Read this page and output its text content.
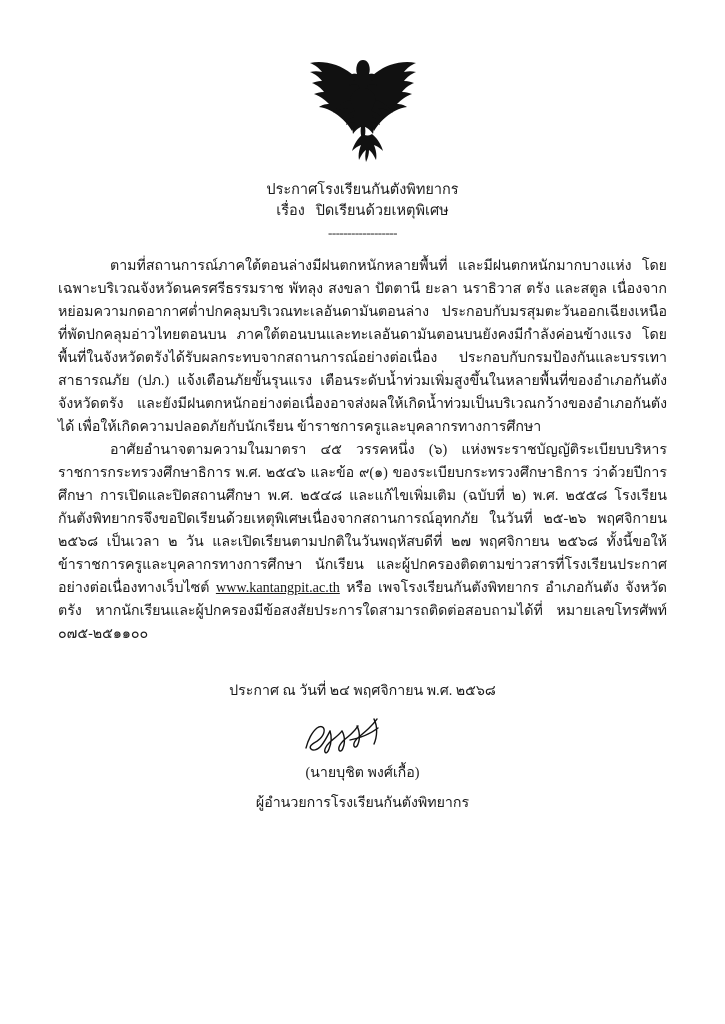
ประกาศโรงเรียนกันตังพิทยากร
เรื่อง ปิดเรียนด้วยเหตุพิเศษ
------------------

ตามที่สถานการณ์ภาคใต้ตอนล่างมีฝนตกหนักหลายพื้นที่ และมีฝนตกหนักมากบางแห่ง โดยเฉพาะบริเวณจังหวัดนครศรีธรรมราช พัทลุง สงขลา ปัตตานี ยะลา นราธิวาส ตรัง และสตูล เนื่องจากหย่อมความกดอากาศต่ำปกคลุมบริเวณทะเลอันดามันตอนล่าง ประกอบกับมรสุมตะวันออกเฉียงเหนือที่พัดปกคลุมอ่าวไทยตอนบน ภาคใต้ตอนบนและทะเลอันดามันตอนบนยังคงมีกำลังค่อนข้างแรง โดยพื้นที่ในจังหวัดตรังได้รับผลกระทบจากสถานการณ์อย่างต่อเนื่อง ประกอบกับกรมป้องกันและบรรเทาสาธารณภัย (ปภ.) แจ้งเตือนภัยขั้นรุนแรง เตือนระดับน้ำท่วมเพิ่มสูงขึ้นในหลายพื้นที่ของอำเภอกันตัง จังหวัดตรัง และยังมีฝนตกหนักอย่างต่อเนื่องอาจส่งผลให้เกิดน้ำท่วมเป็นบริเวณกว้างของอำเภอกันตังได้ เพื่อให้เกิดความปลอดภัยกับนักเรียน ข้าราชการครูและบุคลากรทางการศึกษา

อาศัยอำนาจตามความในมาตรา ๔๕ วรรคหนึ่ง (๖) แห่งพระราชบัญญัติระเบียบบริหารราชการกระทรวงศึกษาธิการ พ.ศ. ๒๕๔๖ และข้อ ๙(๑) ของระเบียบกระทรวงศึกษาธิการ ว่าด้วยปีการศึกษา การเปิดและปิดสถานศึกษา พ.ศ. ๒๕๔๘ และแก้ไขเพิ่มเติม (ฉบับที่ ๒) พ.ศ. ๒๕๕๘ โรงเรียนกันตังพิทยากรจึงขอปิดเรียนด้วยเหตุพิเศษเนื่องจากสถานการณ์อุทกภัย ในวันที่ ๒๕-๒๖ พฤศจิกายน ๒๕๖๘ เป็นเวลา ๒ วัน และเปิดเรียนตามปกติในวันพฤหัสบดีที่ ๒๗ พฤศจิกายน ๒๕๖๘ ทั้งนี้ขอให้ข้าราชการครูและบุคลากรทางการศึกษา นักเรียน และผู้ปกครองติดตามข่าวสารที่โรงเรียนประกาศอย่างต่อเนื่องทางเว็บไซต์ www.kantangpit.ac.th หรือ เพจโรงเรียนกันตังพิทยากร อำเภอกันตัง จังหวัดตรัง หากนักเรียนและผู้ปกครองมีข้อสงสัยประการใดสามารถติดต่อสอบถามได้ที่ หมายเลขโทรศัพท์ ๐๗๕-๒๕๑๑๐๐

ประกาศ ณ วันที่ ๒๔ พฤศจิกายน พ.ศ. ๒๕๖๘
(นายบุชิต พงศ์เกื้อ)
ผู้อำนวยการโรงเรียนกันตังพิทยากร
